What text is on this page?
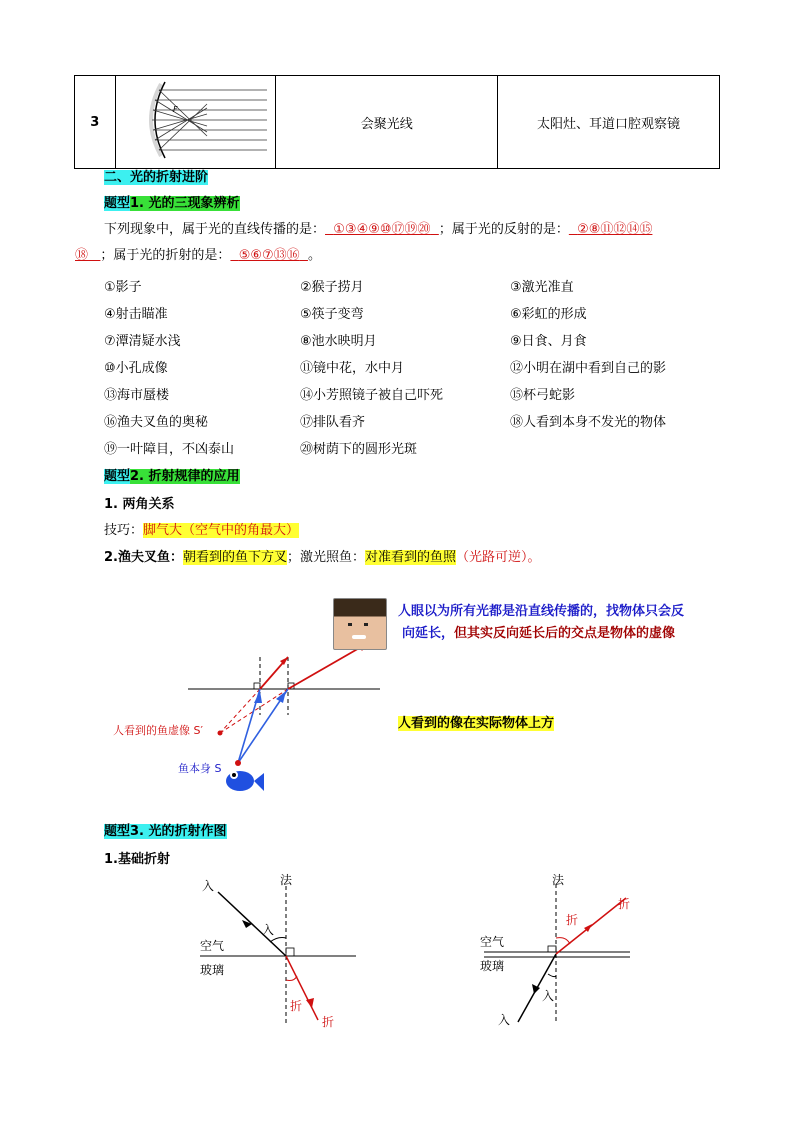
3	
F
	会聚光线	太阳灶、耳道口腔观察镜
二、光的折射进阶
题型1. 光的三现象辨析
下列现象中，属于光的直线传播的是： ①③④⑨⑩⑰⑲⑳ ；属于光的反射的是： ②⑧⑪⑫⑭⑮
⑱ ；属于光的折射的是： ⑤⑥⑦⑬⑯ 。
①影子	②猴子捞月	③激光准直
④射击瞄准	⑤筷子变弯	⑥彩虹的形成
⑦潭清疑水浅	⑧池水映明月	⑨日食、月食
⑩小孔成像	⑪镜中花，水中月	⑫小明在湖中看到自己的影
⑬海市蜃楼	⑭小芳照镜子被自己吓死	⑮杯弓蛇影
⑯渔夫叉鱼的奥秘	⑰排队看齐	⑱人看到本身不发光的物体
⑲一叶障目，不凶泰山	⑳树荫下的圆形光斑
题型2. 折射规律的应用
1. 两角关系
技巧：脚气大（空气中的角最大）
2.渔夫叉鱼：朝看到的鱼下方叉；激光照鱼：对准看到的鱼照（光路可逆）。
人看到的鱼虚像 S′
鱼本身 S
人眼以为所有光都是沿直线传播的，找物体只会反
向延长，但其实反向延长后的交点是物体的虚像
人看到的像在实际物体上方
题型3. 光的折射作图
1.基础折射
入	法
入
空气
玻璃
折
折
法
折
折
空气
玻璃
入
入
